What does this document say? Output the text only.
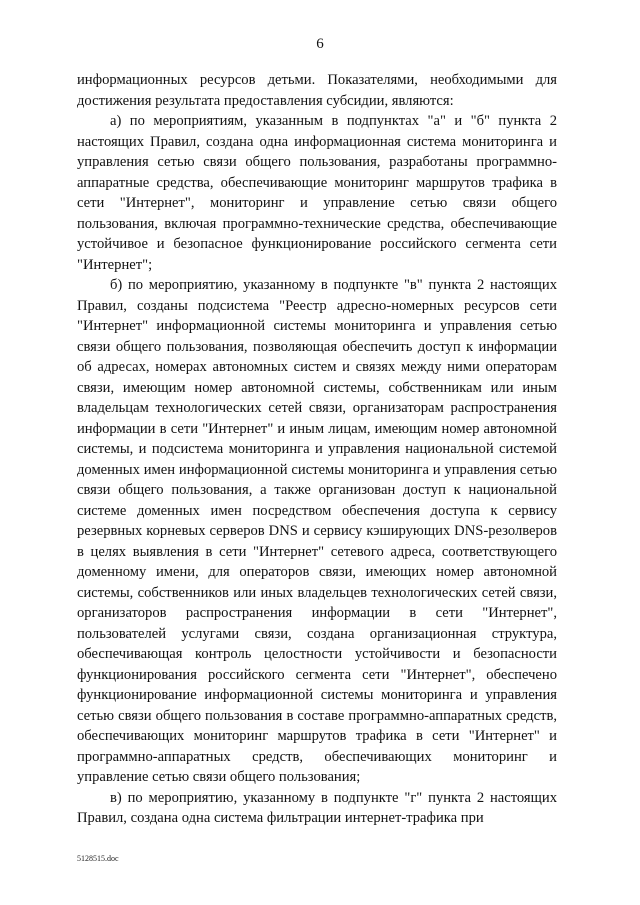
6

информационных ресурсов детьми. Показателями, необходимыми для достижения результата предоставления субсидии, являются:

а) по мероприятиям, указанным в подпунктах "а" и "б" пункта 2 настоящих Правил, создана одна информационная система мониторинга и управления сетью связи общего пользования, разработаны программно-аппаратные средства, обеспечивающие мониторинг маршрутов трафика в сети "Интернет", мониторинг и управление сетью связи общего пользования, включая программно-технические средства, обеспечивающие устойчивое и безопасное функционирование российского сегмента сети "Интернет";

б) по мероприятию, указанному в подпункте "в" пункта 2 настоящих Правил, созданы подсистема "Реестр адресно-номерных ресурсов сети "Интернет" информационной системы мониторинга и управления сетью связи общего пользования, позволяющая обеспечить доступ к информации об адресах, номерах автономных систем и связях между ними операторам связи, имеющим номер автономной системы, собственникам или иным владельцам технологических сетей связи, организаторам распространения информации в сети "Интернет" и иным лицам, имеющим номер автономной системы, и подсистема мониторинга и управления национальной системой доменных имен информационной системы мониторинга и управления сетью связи общего пользования, а также организован доступ к национальной системе доменных имен посредством обеспечения доступа к сервису резервных корневых серверов DNS и сервису кэширующих DNS-резолверов в целях выявления в сети "Интернет" сетевого адреса, соответствующего доменному имени, для операторов связи, имеющих номер автономной системы, собственников или иных владельцев технологических сетей связи, организаторов распространения информации в сети "Интернет", пользователей услугами связи, создана организационная структура, обеспечивающая контроль целостности устойчивости и безопасности функционирования российского сегмента сети "Интернет", обеспечено функционирование информационной системы мониторинга и управления сетью связи общего пользования в составе программно-аппаратных средств, обеспечивающих мониторинг маршрутов трафика в сети "Интернет" и программно-аппаратных средств, обеспечивающих мониторинг и управление сетью связи общего пользования;

в) по мероприятию, указанному в подпункте "г" пункта 2 настоящих Правил, создана одна система фильтрации интернет-трафика при

5128515.doc
